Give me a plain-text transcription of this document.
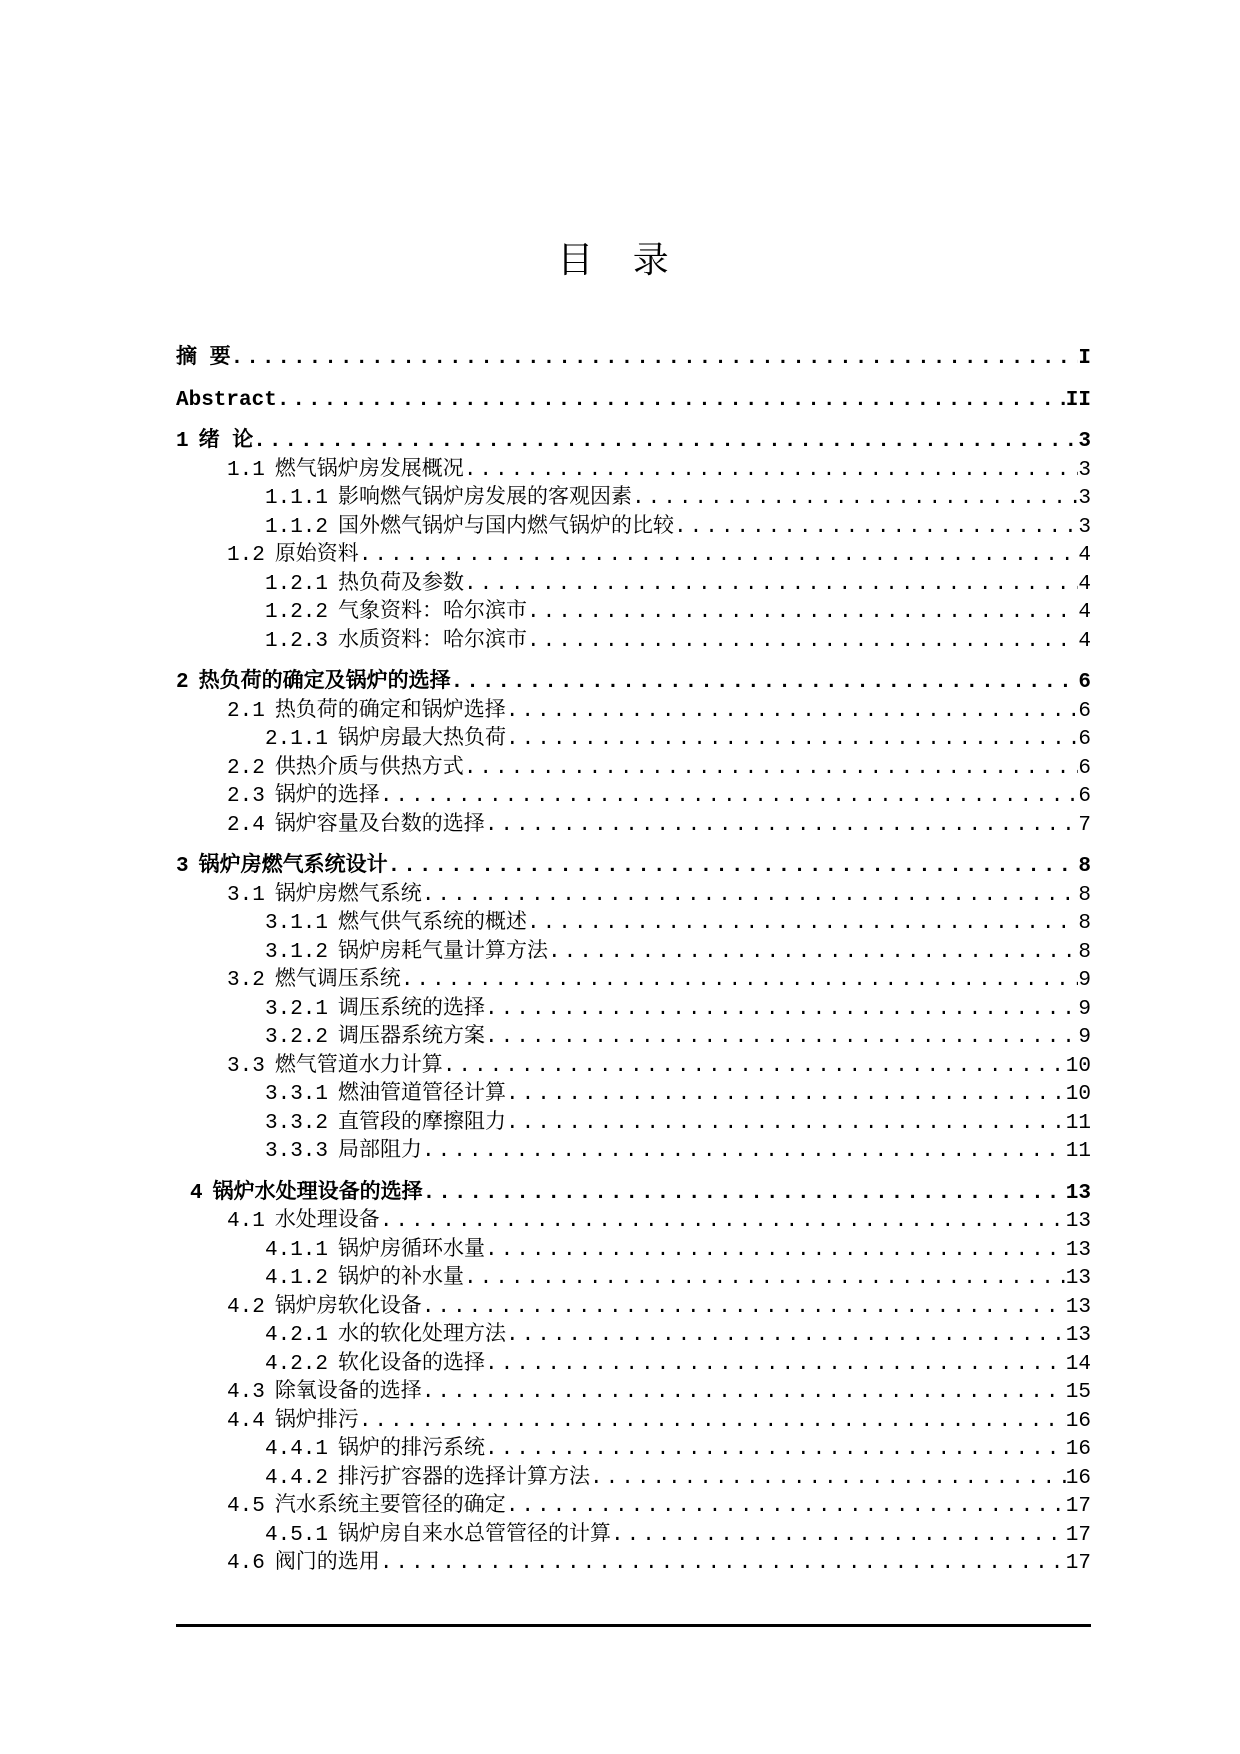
目 录
摘 要 .....	I
Abstract .....	II
1 绪 论 .....	3
1.1 燃气锅炉房发展概况 .....	3
1.1.1 影响燃气锅炉房发展的客观因素 .....	3
1.1.2 国外燃气锅炉与国内燃气锅炉的比较 .....	3
1.2 原始资料 .....	4
1.2.1 热负荷及参数 .....	4
1.2.2 气象资料：哈尔滨市 .....	4
1.2.3 水质资料：哈尔滨市 .....	4
2 热负荷的确定及锅炉的选择 .....	6
2.1 热负荷的确定和锅炉选择 .....	6
2.1.1 锅炉房最大热负荷 .....	6
2.2 供热介质与供热方式 .....	6
2.3 锅炉的选择 .....	6
2.4 锅炉容量及台数的选择 .....	7
3 锅炉房燃气系统设计 .....	8
3.1 锅炉房燃气系统 .....	8
3.1.1 燃气供气系统的概述 .....	8
3.1.2 锅炉房耗气量计算方法 .....	8
3.2 燃气调压系统 .....	9
3.2.1 调压系统的选择 .....	9
3.2.2 调压器系统方案 .....	9
3.3 燃气管道水力计算 .....	10
3.3.1 燃油管道管径计算 .....	10
3.3.2 直管段的摩擦阻力 .....	11
3.3.3 局部阻力 .....	11
4 锅炉水处理设备的选择 .....	13
4.1 水处理设备 .....	13
4.1.1 锅炉房循环水量 .....	13
4.1.2 锅炉的补水量 .....	13
4.2 锅炉房软化设备 .....	13
4.2.1 水的软化处理方法 .....	13
4.2.2 软化设备的选择 .....	14
4.3 除氧设备的选择 .....	15
4.4 锅炉排污 .....	16
4.4.1 锅炉的排污系统 .....	16
4.4.2 排污扩容器的选择计算方法 .....	16
4.5 汽水系统主要管径的确定 .....	17
4.5.1 锅炉房自来水总管管径的计算 .....	17
4.6 阀门的选用 .....	17
